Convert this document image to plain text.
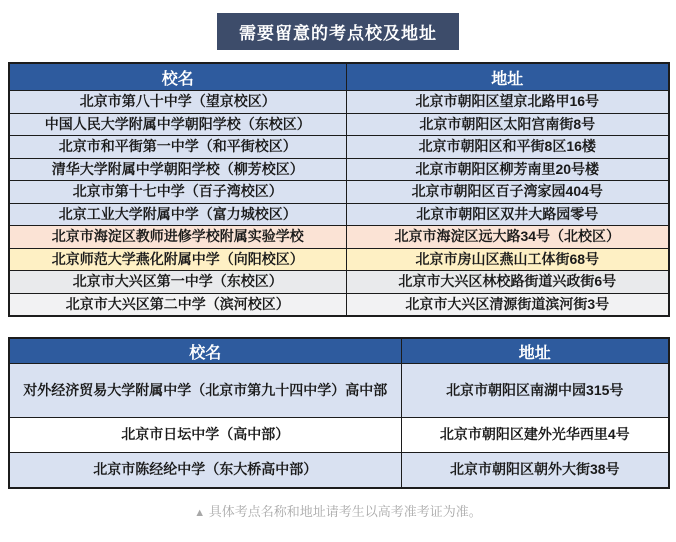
需要留意的考点校及地址
校名	地址
北京市第八十中学（望京校区）	北京市朝阳区望京北路甲16号
中国人民大学附属中学朝阳学校（东校区）	北京市朝阳区太阳宫南街8号
北京市和平街第一中学（和平街校区）	北京市朝阳区和平街8区16楼
清华大学附属中学朝阳学校（柳芳校区）	北京市朝阳区柳芳南里20号楼
北京市第十七中学（百子湾校区）	北京市朝阳区百子湾家园404号
北京工业大学附属中学（富力城校区）	北京市朝阳区双井大路园零号
北京市海淀区教师进修学校附属实验学校	北京市海淀区远大路34号（北校区）
北京师范大学燕化附属中学（向阳校区）	北京市房山区燕山工体街68号
北京市大兴区第一中学（东校区）	北京市大兴区林校路街道兴政街6号
北京市大兴区第二中学（滨河校区）	北京市大兴区清源街道滨河街3号
校名	地址
对外经济贸易大学附属中学（北京市第九十四中学）高中部	北京市朝阳区南湖中园315号
北京市日坛中学（高中部）	北京市朝阳区建外光华西里4号
北京市陈经纶中学（东大桥高中部）	北京市朝阳区朝外大街38号
▲ 具体考点名称和地址请考生以高考准考证为准。
